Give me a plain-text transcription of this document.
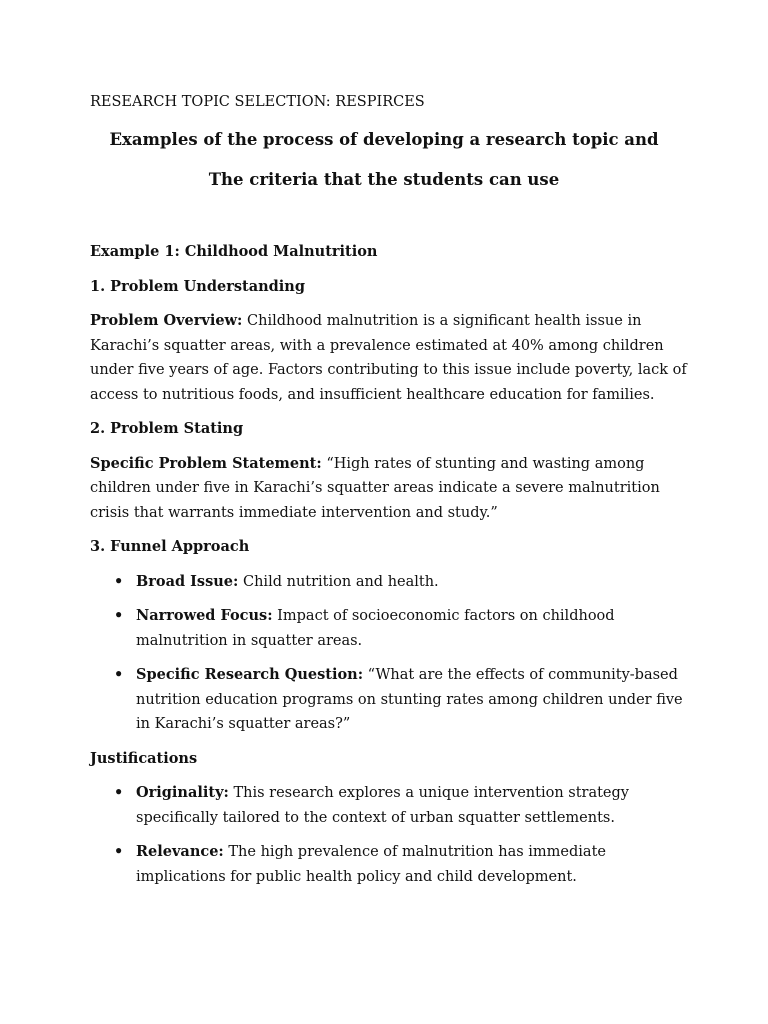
RESEARCH TOPIC SELECTION: RESPIRCES
Examples of the process of developing a research topic and
The criteria that the students can use

Example 1: Childhood Malnutrition

1. Problem Understanding

Problem Overview: Childhood malnutrition is a significant health issue in Karachi’s squatter areas, with a prevalence estimated at 40% among children under five years of age. Factors contributing to this issue include poverty, lack of access to nutritious foods, and insufficient healthcare education for families.

2. Problem Stating

Specific Problem Statement: “High rates of stunting and wasting among children under five in Karachi’s squatter areas indicate a severe malnutrition crisis that warrants immediate intervention and study.”

3. Funnel Approach

• Broad Issue: Child nutrition and health.
• Narrowed Focus: Impact of socioeconomic factors on childhood malnutrition in squatter areas.
• Specific Research Question: “What are the effects of community-based nutrition education programs on stunting rates among children under five in Karachi’s squatter areas?”

Justifications

• Originality: This research explores a unique intervention strategy specifically tailored to the context of urban squatter settlements.
• Relevance: The high prevalence of malnutrition has immediate implications for public health policy and child development.
